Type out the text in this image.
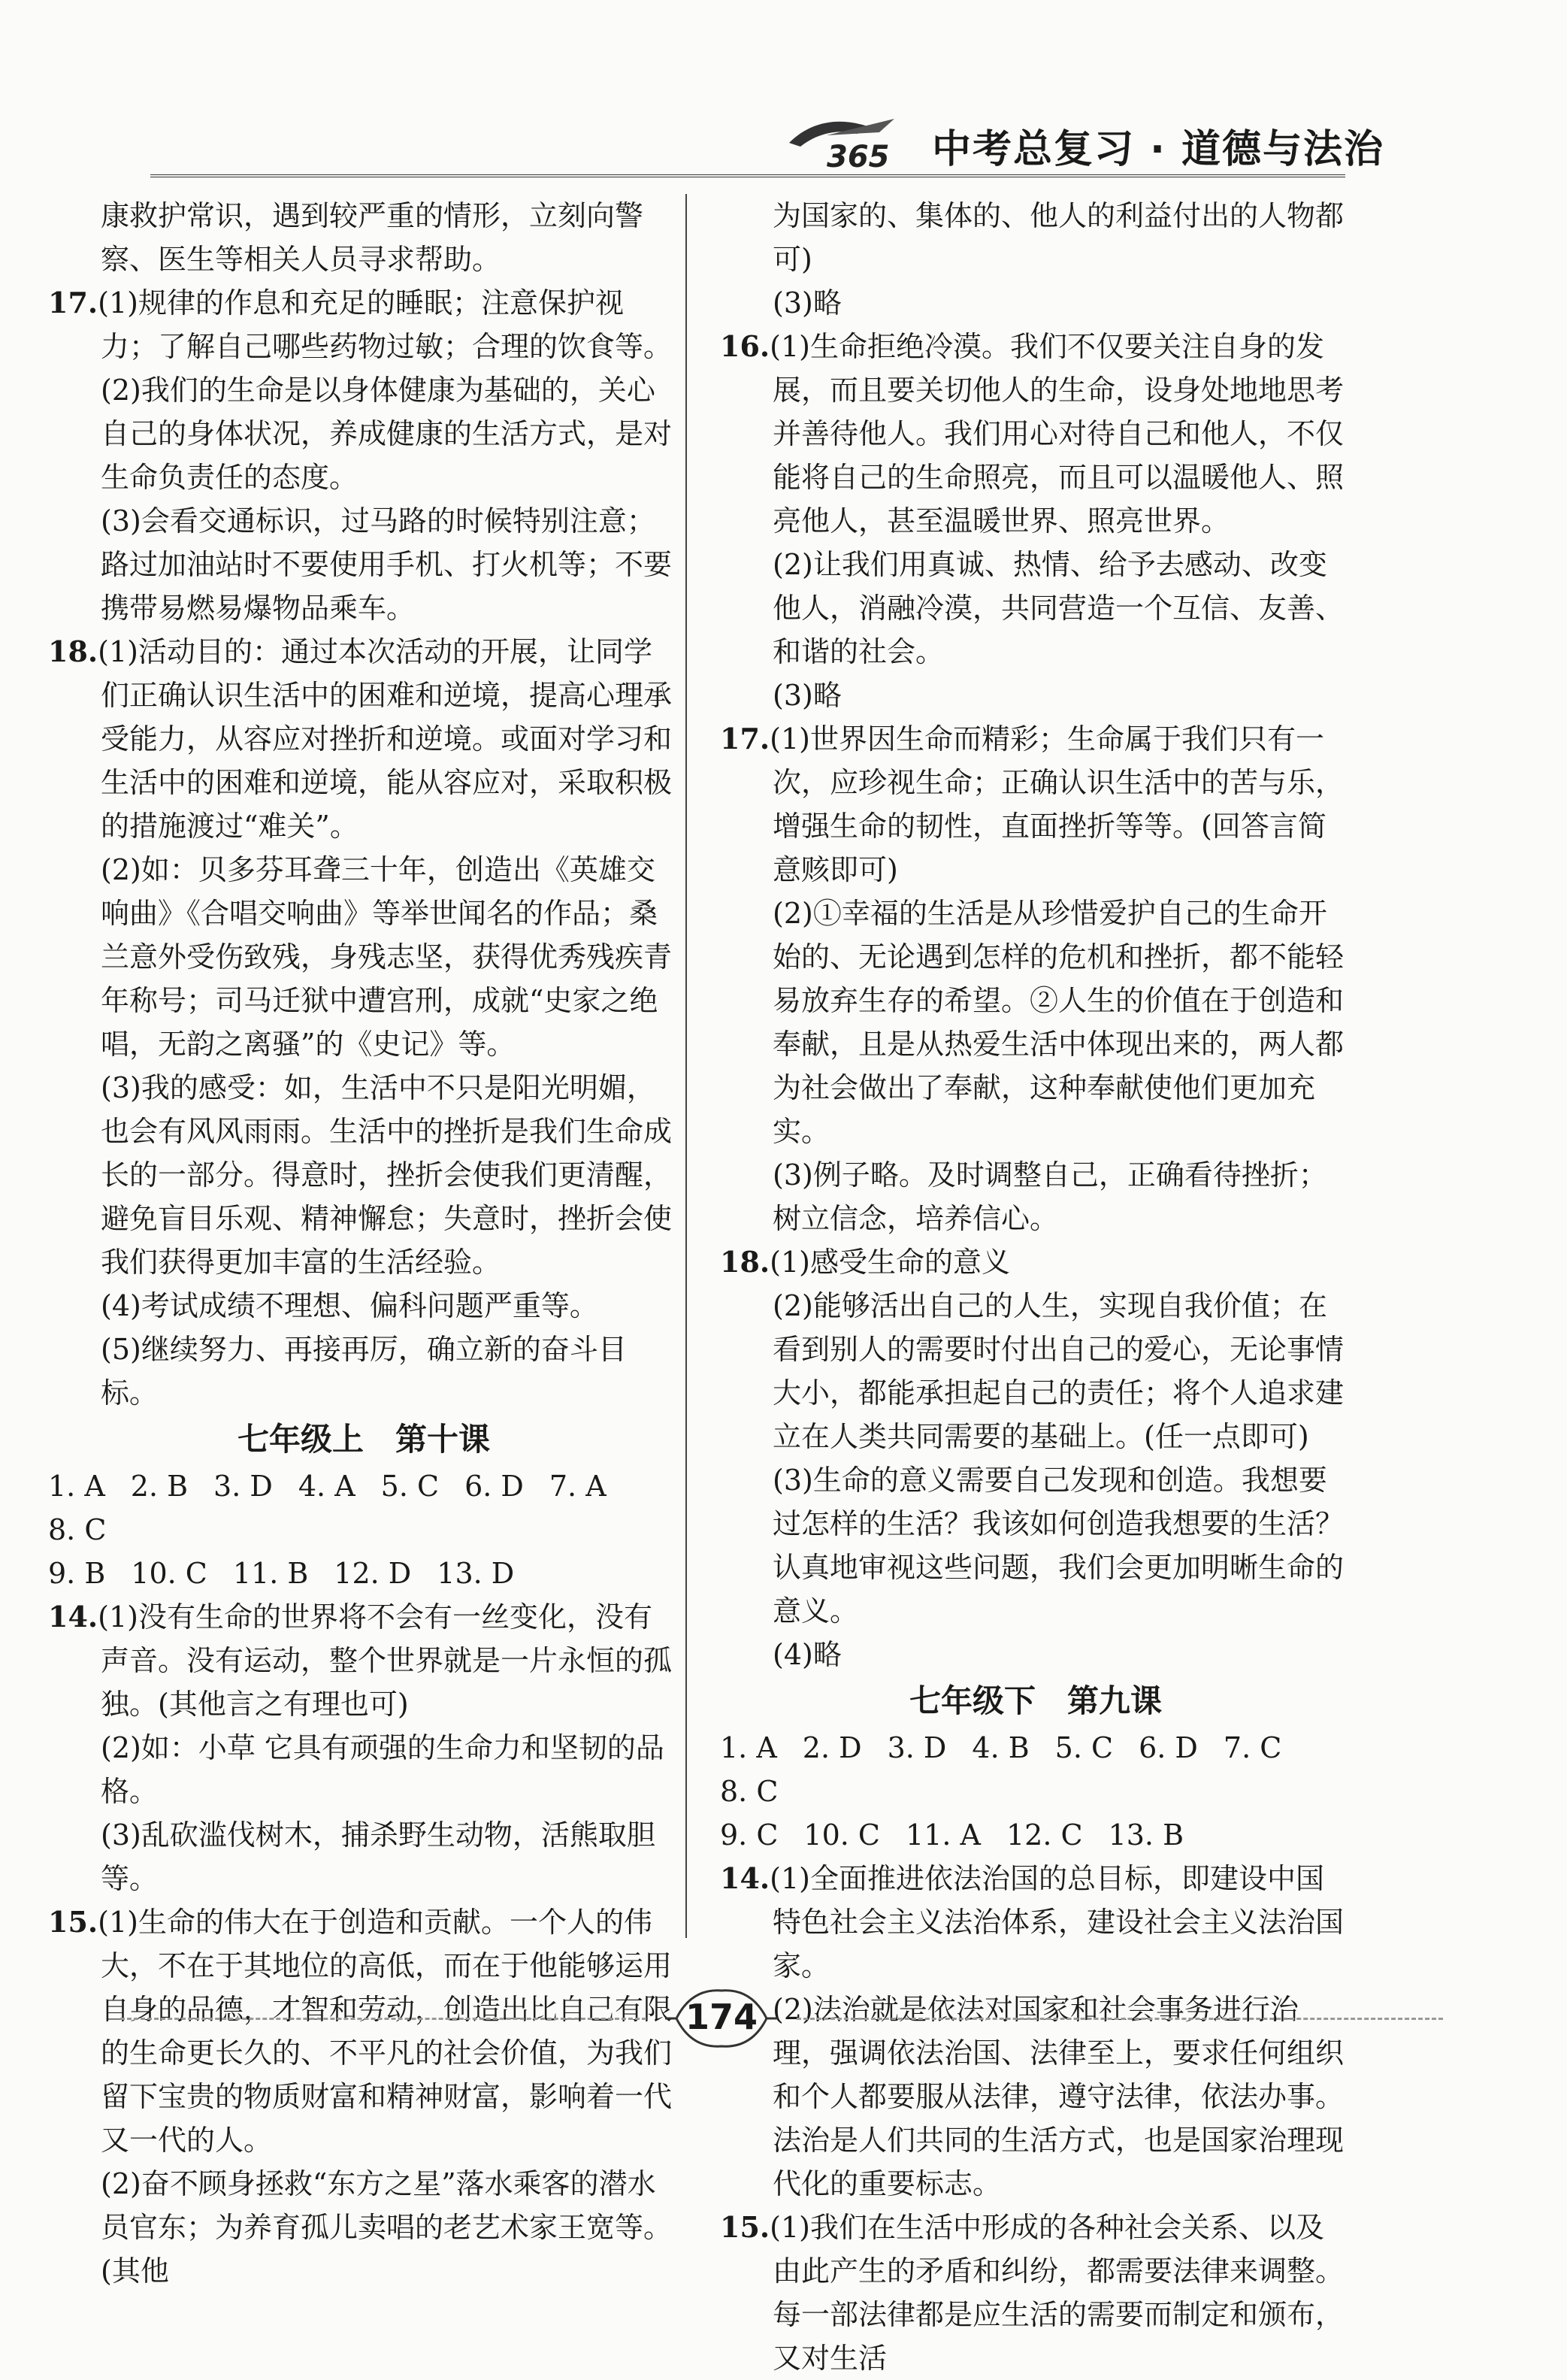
365 中考总复习 · 道德与法治

康救护常识，遇到较严重的情形，立刻向警察、医生等相关人员寻求帮助。

17.(1)规律的作息和充足的睡眠；注意保护视力；了解自己哪些药物过敏；合理的饮食等。

(2)我们的生命是以身体健康为基础的，关心自己的身体状况，养成健康的生活方式，是对生命负责任的态度。

(3)会看交通标识，过马路的时候特别注意；路过加油站时不要使用手机、打火机等；不要携带易燃易爆物品乘车。

18.(1)活动目的：通过本次活动的开展，让同学们正确认识生活中的困难和逆境，提高心理承受能力，从容应对挫折和逆境。或面对学习和生活中的困难和逆境，能从容应对，采取积极的措施渡过“难关”。

(2)如：贝多芬耳聋三十年，创造出《英雄交响曲》《合唱交响曲》等举世闻名的作品；桑兰意外受伤致残，身残志坚，获得优秀残疾青年称号；司马迁狱中遭宫刑，成就“史家之绝唱，无韵之离骚”的《史记》等。

(3)我的感受：如，生活中不只是阳光明媚，也会有风风雨雨。生活中的挫折是我们生命成长的一部分。得意时，挫折会使我们更清醒，避免盲目乐观、精神懈怠；失意时，挫折会使我们获得更加丰富的生活经验。

(4)考试成绩不理想、偏科问题严重等。

(5)继续努力、再接再厉，确立新的奋斗目标。

七年级上　第十课
1. A 2. B 3. D 4. A 5. C 6. D 7. A
8. C
9. B 10. C 11. B 12. D 13. D

14.(1)没有生命的世界将不会有一丝变化，没有声音。没有运动，整个世界就是一片永恒的孤独。(其他言之有理也可)

(2)如：小草 它具有顽强的生命力和坚韧的品格。

(3)乱砍滥伐树木，捕杀野生动物，活熊取胆等。

15.(1)生命的伟大在于创造和贡献。一个人的伟大，不在于其地位的高低，而在于他能够运用自身的品德，才智和劳动，创造出比自己有限的生命更长久的、不平凡的社会价值，为我们留下宝贵的物质财富和精神财富，影响着一代又一代的人。

(2)奋不顾身拯救“东方之星”落水乘客的潜水员官东；为养育孤儿卖唱的老艺术家王宽等。(其他

为国家的、集体的、他人的利益付出的人物都可)

(3)略

16.(1)生命拒绝冷漠。我们不仅要关注自身的发展，而且要关切他人的生命，设身处地地思考并善待他人。我们用心对待自己和他人，不仅能将自己的生命照亮，而且可以温暖他人、照亮他人，甚至温暖世界、照亮世界。

(2)让我们用真诚、热情、给予去感动、改变他人，消融冷漠，共同营造一个互信、友善、和谐的社会。

(3)略

17.(1)世界因生命而精彩；生命属于我们只有一次，应珍视生命；正确认识生活中的苦与乐，增强生命的韧性，直面挫折等等。(回答言简意赅即可)

(2)①幸福的生活是从珍惜爱护自己的生命开始的、无论遇到怎样的危机和挫折，都不能轻易放弃生存的希望。②人生的价值在于创造和奉献，且是从热爱生活中体现出来的，两人都为社会做出了奉献，这种奉献使他们更加充实。

(3)例子略。及时调整自己，正确看待挫折；树立信念，培养信心。

18.(1)感受生命的意义

(2)能够活出自己的人生，实现自我价值；在看到别人的需要时付出自己的爱心，无论事情大小，都能承担起自己的责任；将个人追求建立在人类共同需要的基础上。(任一点即可)

(3)生命的意义需要自己发现和创造。我想要过怎样的生活？我该如何创造我想要的生活？认真地审视这些问题，我们会更加明晰生命的意义。

(4)略

七年级下　第九课
1. A 2. D 3. D 4. B 5. C 6. D 7. C
8. C
9. C 10. C 11. A 12. C 13. B

14.(1)全面推进依法治国的总目标，即建设中国特色社会主义法治体系，建设社会主义法治国家。

(2)法治就是依法对国家和社会事务进行治理，强调依法治国、法律至上，要求任何组织和个人都要服从法律，遵守法律，依法办事。法治是人们共同的生活方式，也是国家治理现代化的重要标志。

15.(1)我们在生活中形成的各种社会关系、以及由此产生的矛盾和纠纷，都需要法律来调整。每一部法律都是应生活的需要而制定和颁布，又对生活

174
